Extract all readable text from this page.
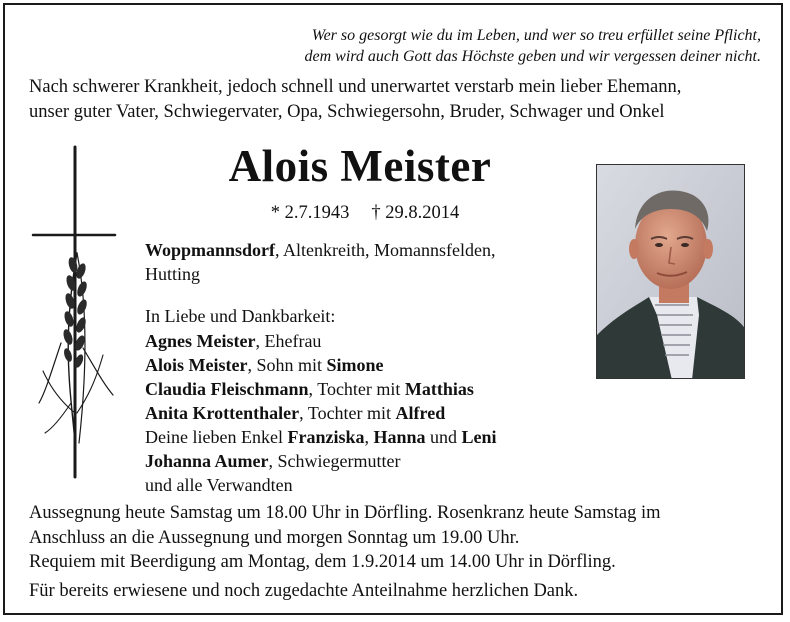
Wer so gesorgt wie du im Leben, und wer so treu erfüllet seine Pflicht,
dem wird auch Gott das Höchste geben und wir vergessen deiner nicht.
Nach schwerer Krankheit, jedoch schnell und unerwartet verstarb mein lieber Ehemann,
unser guter Vater, Schwiegervater, Opa, Schwiegersohn, Bruder, Schwager und Onkel
Alois Meister
* 2.7.1943 † 29.8.2014
Woppmannsdorf, Altenkreith, Momannsfelden,
Hutting
In Liebe und Dankbarkeit:
Agnes Meister, Ehefrau
Alois Meister, Sohn mit Simone
Claudia Fleischmann, Tochter mit Matthias
Anita Krottenthaler, Tochter mit Alfred
Deine lieben Enkel Franziska, Hanna und Leni
Johanna Aumer, Schwiegermutter
und alle Verwandten
Aussegnung heute Samstag um 18.00 Uhr in Dörfling. Rosenkranz heute Samstag im
Anschluss an die Aussegnung und morgen Sonntag um 19.00 Uhr.
Requiem mit Beerdigung am Montag, dem 1.9.2014 um 14.00 Uhr in Dörfling.
Für bereits erwiesene und noch zugedachte Anteilnahme herzlichen Dank.
